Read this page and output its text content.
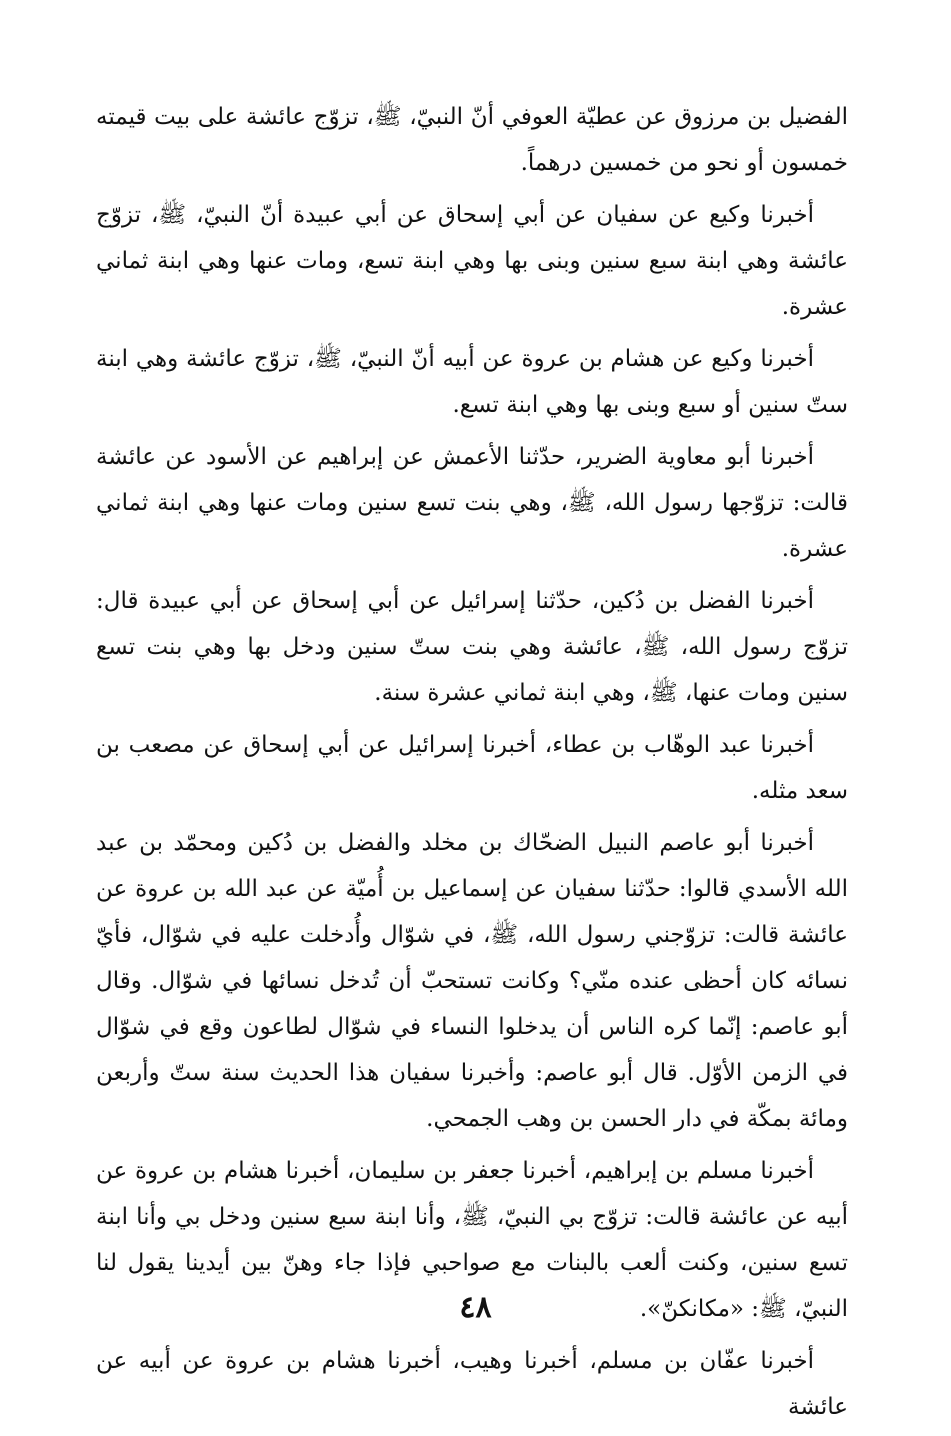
الفضيل بن مرزوق عن عطيّة العوفي أنّ النبيّ، ﷺ، تزوّج عائشة على بيت قيمته خمسون أو نحو من خمسين درهماً.

أخبرنا وكيع عن سفيان عن أبي إسحاق عن أبي عبيدة أنّ النبيّ، ﷺ، تزوّج عائشة وهي ابنة سبع سنين وبنى بها وهي ابنة تسع، ومات عنها وهي ابنة ثماني عشرة.

أخبرنا وكيع عن هشام بن عروة عن أبيه أنّ النبيّ، ﷺ، تزوّج عائشة وهي ابنة ستّ سنين أو سبع وبنى بها وهي ابنة تسع.

أخبرنا أبو معاوية الضرير، حدّثنا الأعمش عن إبراهيم عن الأسود عن عائشة قالت: تزوّجها رسول الله، ﷺ، وهي بنت تسع سنين ومات عنها وهي ابنة ثماني عشرة.

أخبرنا الفضل بن دُكين، حدّثنا إسرائيل عن أبي إسحاق عن أبي عبيدة قال: تزوّج رسول الله، ﷺ، عائشة وهي بنت ستّ سنين ودخل بها وهي بنت تسع سنين ومات عنها، ﷺ، وهي ابنة ثماني عشرة سنة.

أخبرنا عبد الوهّاب بن عطاء، أخبرنا إسرائيل عن أبي إسحاق عن مصعب بن سعد مثله.

أخبرنا أبو عاصم النبيل الضحّاك بن مخلد والفضل بن دُكين ومحمّد بن عبد الله الأسدي قالوا: حدّثنا سفيان عن إسماعيل بن أُميّة عن عبد الله بن عروة عن عائشة قالت: تزوّجني رسول الله، ﷺ، في شوّال وأُدخلت عليه في شوّال، فأيّ نسائه كان أحظى عنده منّي؟ وكانت تستحبّ أن تُدخل نسائها في شوّال. وقال أبو عاصم: إنّما كره الناس أن يدخلوا النساء في شوّال لطاعون وقع في شوّال في الزمن الأوّل. قال أبو عاصم: وأخبرنا سفيان هذا الحديث سنة ستّ وأربعن ومائة بمكّة في دار الحسن بن وهب الجمحي.

أخبرنا مسلم بن إبراهيم، أخبرنا جعفر بن سليمان، أخبرنا هشام بن عروة عن أبيه عن عائشة قالت: تزوّج بي النبيّ، ﷺ، وأنا ابنة سبع سنين ودخل بي وأنا ابنة تسع سنين، وكنت ألعب بالبنات مع صواحبي فإذا جاء وهنّ بين أيدينا يقول لنا النبيّ، ﷺ: «مكانكنّ».

أخبرنا عفّان بن مسلم، أخبرنا وهيب، أخبرنا هشام بن عروة عن أبيه عن عائشة

٤٨
